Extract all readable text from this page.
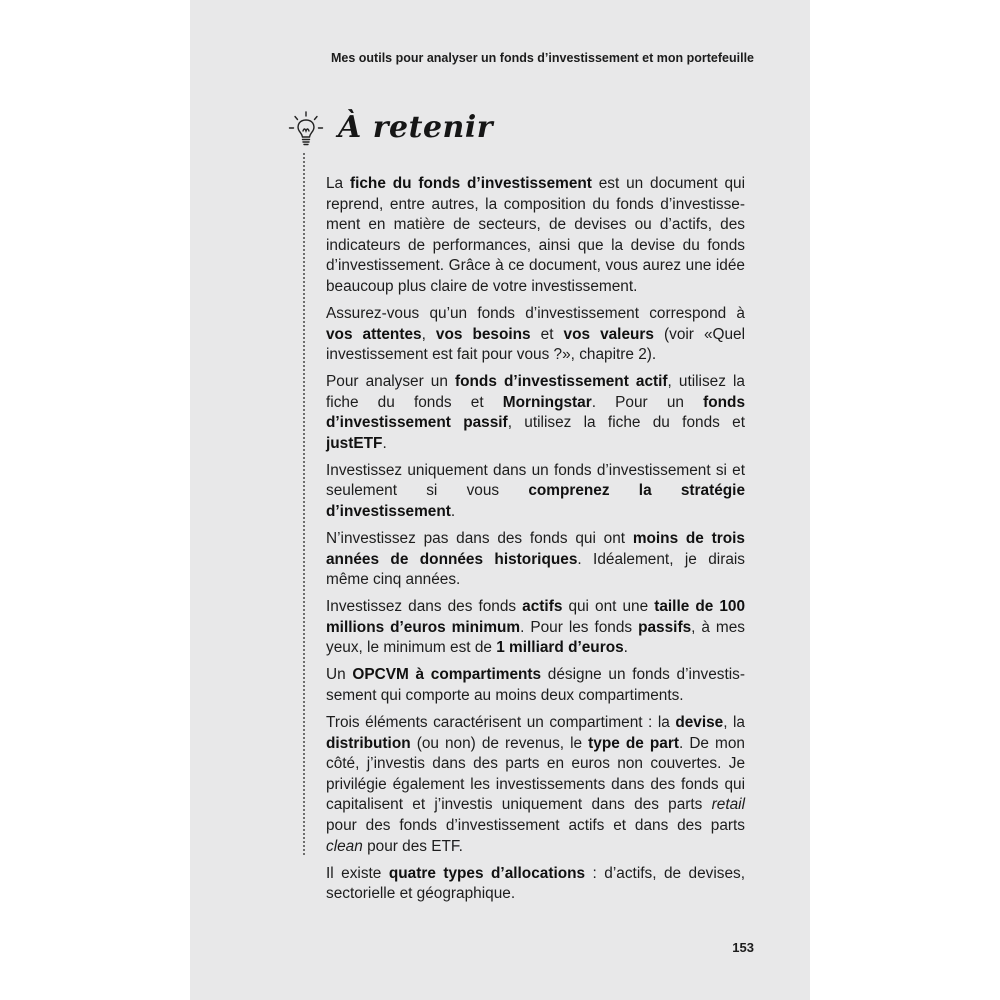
Mes outils pour analyser un fonds d’investissement et mon portefeuille
À retenir

La fiche du fonds d’investissement est un document qui reprend, entre autres, la composition du fonds d’investissement en matière de secteurs, de devises ou d’actifs, des indicateurs de performances, ainsi que la devise du fonds d’investissement. Grâce à ce document, vous aurez une idée beaucoup plus claire de votre investissement.

Assurez-vous qu’un fonds d’investissement correspond à vos attentes, vos besoins et vos valeurs (voir «Quel investissement est fait pour vous ?», chapitre 2).

Pour analyser un fonds d’investissement actif, utilisez la fiche du fonds et Morningstar. Pour un fonds d’investissement passif, utilisez la fiche du fonds et justETF.

Investissez uniquement dans un fonds d’investissement si et seulement si vous comprenez la stratégie d’investissement.

N’investissez pas dans des fonds qui ont moins de trois années de données historiques. Idéalement, je dirais même cinq années.

Investissez dans des fonds actifs qui ont une taille de 100 millions d’euros minimum. Pour les fonds passifs, à mes yeux, le minimum est de 1 milliard d’euros.

Un OPCVM à compartiments désigne un fonds d’investissement qui comporte au moins deux compartiments.

Trois éléments caractérisent un compartiment : la devise, la distribution (ou non) de revenus, le type de part. De mon côté, j’investis dans des parts en euros non couvertes. Je privilégie également les investissements dans des fonds qui capitalisent et j’investis uniquement dans des parts retail pour des fonds d’investissement actifs et dans des parts clean pour des ETF.

Il existe quatre types d’allocations : d’actifs, de devises, sectorielle et géographique.

153
